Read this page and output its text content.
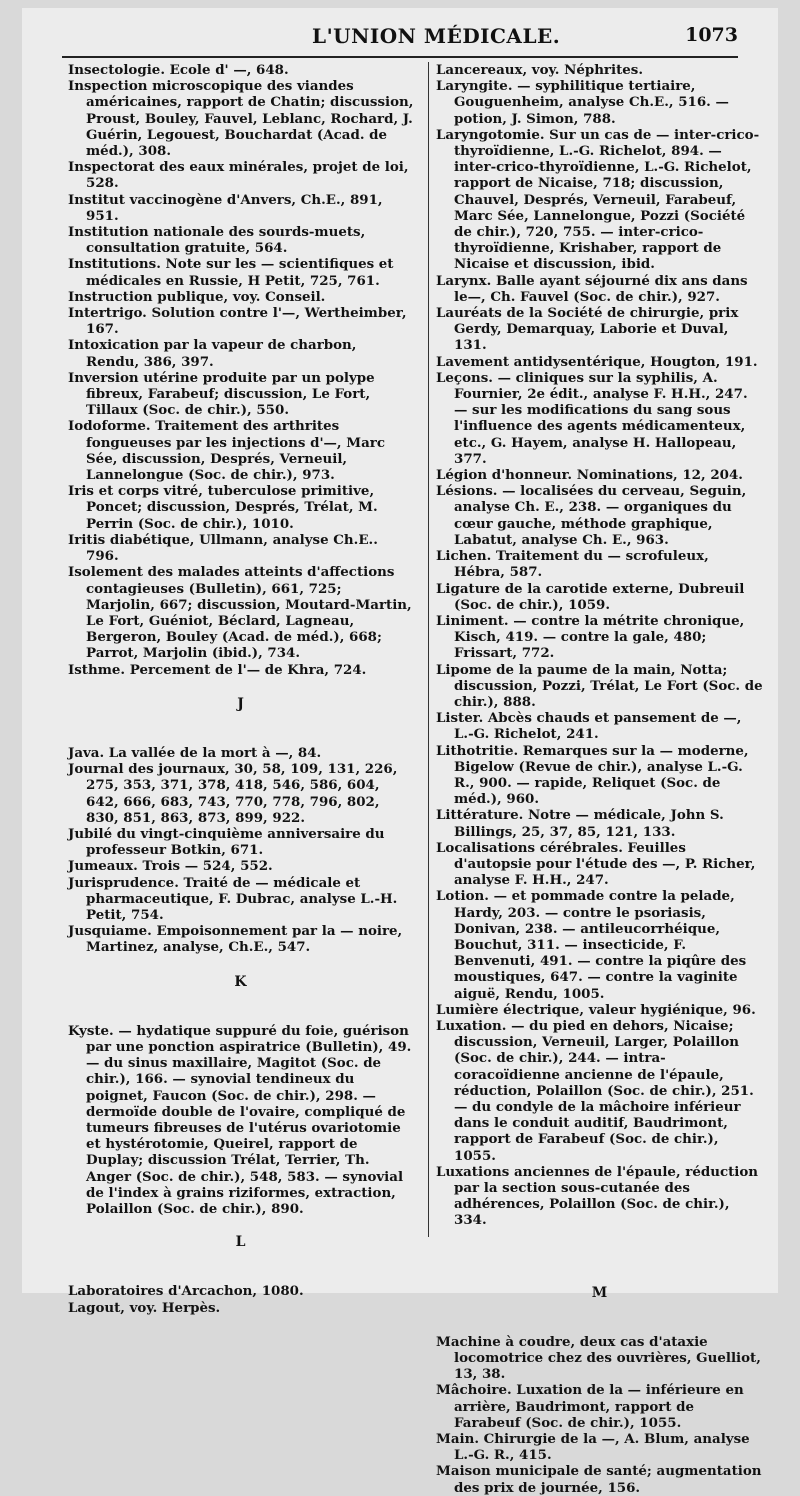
L'UNION MÉDICALE.	1073

Insectologie. Ecole d' —, 648.

Inspection microscopique des viandes américaines, rapport de Chatin; discussion, Proust, Bouley, Fauvel, Leblanc, Rochard, J. Guérin, Legouest, Bouchardat (Acad. de méd.), 308.

Inspectorat des eaux minérales, projet de loi, 528.

Institut vaccinogène d'Anvers, Ch.E., 891, 951.

Institution nationale des sourds-muets, consultation gratuite, 564.

Institutions. Note sur les — scientifiques et médicales en Russie, H Petit, 725, 761.

Instruction publique, voy. Conseil.

Intertrigo. Solution contre l'—, Wertheimber, 167.

Intoxication par la vapeur de charbon, Rendu, 386, 397.

Inversion utérine produite par un polype fibreux, Farabeuf; discussion, Le Fort, Tillaux (Soc. de chir.), 550.

Iodoforme. Traitement des arthrites fongueuses par les injections d'—, Marc Sée, discussion, Després, Verneuil, Lannelongue (Soc. de chir.), 973.

Iris et corps vitré, tuberculose primitive, Poncet; discussion, Després, Trélat, M. Perrin (Soc. de chir.), 1010.

Iritis diabétique, Ullmann, analyse Ch.E.. 796.

Isolement des malades atteints d'affections contagieuses (Bulletin), 661, 725; Marjolin, 667; discussion, Moutard-Martin, Le Fort, Guéniot, Béclard, Lagneau, Bergeron, Bouley (Acad. de méd.), 668; Parrot, Marjolin (ibid.), 734.

Isthme. Percement de l'— de Khra, 724.

J

Java. La vallée de la mort à —, 84.

Journal des journaux, 30, 58, 109, 131, 226, 275, 353, 371, 378, 418, 546, 586, 604, 642, 666, 683, 743, 770, 778, 796, 802, 830, 851, 863, 873, 899, 922.

Jubilé du vingt-cinquième anniversaire du professeur Botkin, 671.

Jumeaux. Trois — 524, 552.

Jurisprudence. Traité de — médicale et pharmaceutique, F. Dubrac, analyse L.-H. Petit, 754.

Jusquiame. Empoisonnement par la — noire, Martinez, analyse, Ch.E., 547.

K

Kyste. — hydatique suppuré du foie, guérison par une ponction aspiratrice (Bulletin), 49. — du sinus maxillaire, Magitot (Soc. de chir.), 166. — synovial tendineux du poignet, Faucon (Soc. de chir.), 298. — dermoïde double de l'ovaire, compliqué de tumeurs fibreuses de l'utérus ovariotomie et hystérotomie, Queirel, rapport de Duplay; discussion Trélat, Terrier, Th. Anger (Soc. de chir.), 548, 583. — synovial de l'index à grains riziformes, extraction, Polaillon (Soc. de chir.), 890.

L

Laboratoires d'Arcachon, 1080.

Lagout, voy. Herpès.

Lancereaux, voy. Néphrites.

Laryngite. — syphilitique tertiaire, Gouguenheim, analyse Ch.E., 516. — potion, J. Simon, 788.

Laryngotomie. Sur un cas de — inter-crico-thyroïdienne, L.-G. Richelot, 894. — inter-crico-thyroïdienne, L.-G. Richelot, rapport de Nicaise, 718; discussion, Chauvel, Després, Verneuil, Farabeuf, Marc Sée, Lannelongue, Pozzi (Société de chir.), 720, 755. — inter-crico-thyroïdienne, Krishaber, rapport de Nicaise et discussion, ibid.

Larynx. Balle ayant séjourné dix ans dans le—, Ch. Fauvel (Soc. de chir.), 927.

Lauréats de la Société de chirurgie, prix Gerdy, Demarquay, Laborie et Duval, 131.

Lavement antidysentérique, Hougton, 191.

Leçons. — cliniques sur la syphilis, A. Fournier, 2e édit., analyse F. H.H., 247. — sur les modifications du sang sous l'influence des agents médicamenteux, etc., G. Hayem, analyse H. Hallopeau, 377.

Légion d'honneur. Nominations, 12, 204.

Lésions. — localisées du cerveau, Seguin, analyse Ch. E., 238. — organiques du cœur gauche, méthode graphique, Labatut, analyse Ch. E., 963.

Lichen. Traitement du — scrofuleux, Hébra, 587.

Ligature de la carotide externe, Dubreuil (Soc. de chir.), 1059.

Liniment. — contre la métrite chronique, Kisch, 419. — contre la gale, 480; Frissart, 772.

Lipome de la paume de la main, Notta; discussion, Pozzi, Trélat, Le Fort (Soc. de chir.), 888.

Lister. Abcès chauds et pansement de —, L.-G. Richelot, 241.

Lithotritie. Remarques sur la — moderne, Bigelow (Revue de chir.), analyse L.-G. R., 900. — rapide, Reliquet (Soc. de méd.), 960.

Littérature. Notre — médicale, John S. Billings, 25, 37, 85, 121, 133.

Localisations cérébrales. Feuilles d'autopsie pour l'étude des —, P. Richer, analyse F. H.H., 247.

Lotion. — et pommade contre la pelade, Hardy, 203. — contre le psoriasis, Donivan, 238. — antileucorrhéique, Bouchut, 311. — insecticide, F. Benvenuti, 491. — contre la piqûre des moustiques, 647. — contre la vaginite aiguë, Rendu, 1005.

Lumière électrique, valeur hygiénique, 96.

Luxation. — du pied en dehors, Nicaise; discussion, Verneuil, Larger, Polaillon (Soc. de chir.), 244. — intra-coracoïdienne ancienne de l'épaule, réduction, Polaillon (Soc. de chir.), 251. — du condyle de la mâchoire inférieur dans le conduit auditif, Baudrimont, rapport de Farabeuf (Soc. de chir.), 1055.

Luxations anciennes de l'épaule, réduction par la section sous-cutanée des adhérences, Polaillon (Soc. de chir.), 334.

M

Machine à coudre, deux cas d'ataxie locomotrice chez des ouvrières, Guelliot, 13, 38.

Mâchoire. Luxation de la — inférieure en arrière, Baudrimont, rapport de Farabeuf (Soc. de chir.), 1055.

Main. Chirurgie de la —, A. Blum, analyse L.-G. R., 415.

Maison municipale de santé; augmentation des prix de journée, 156.
